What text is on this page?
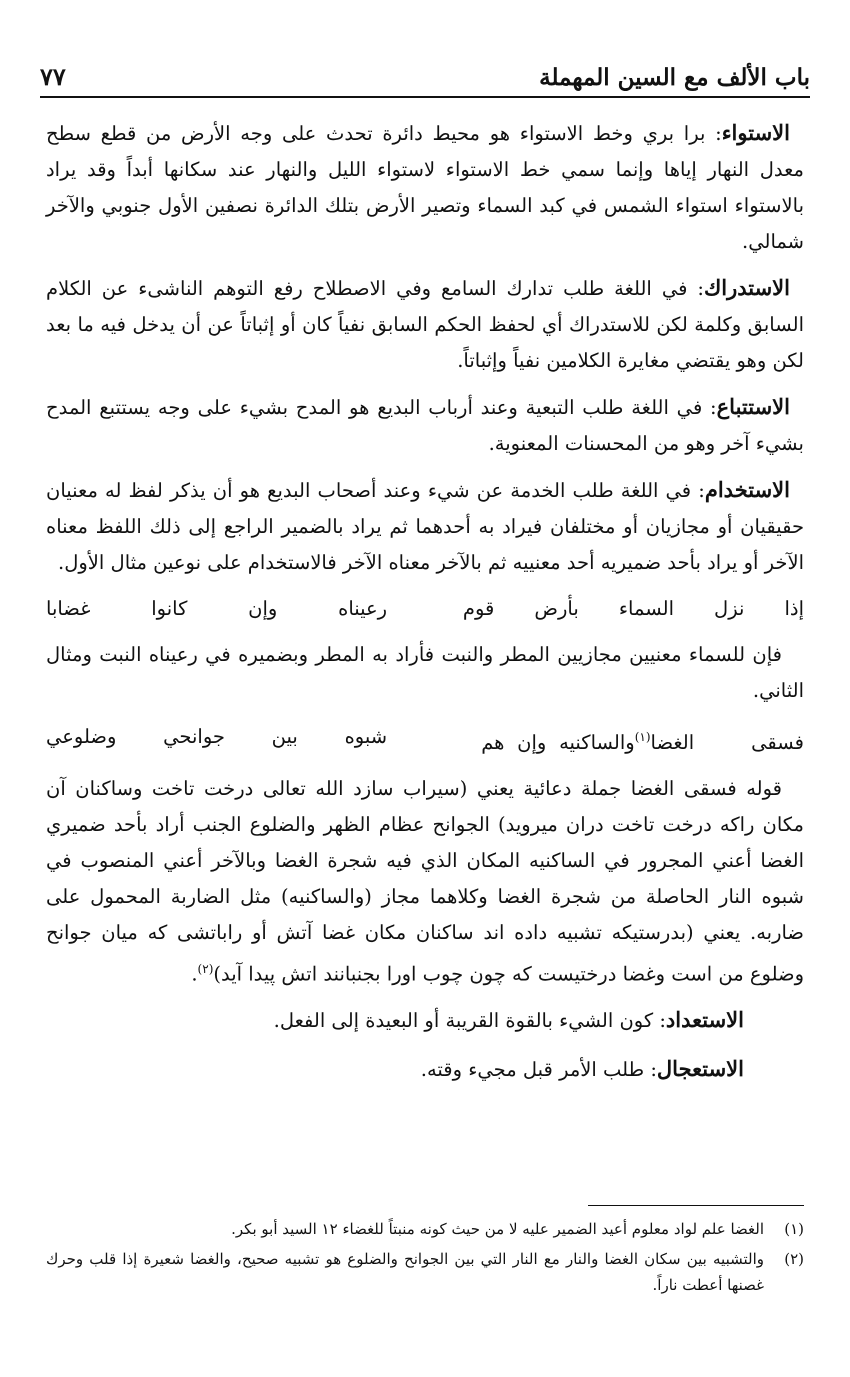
باب الألف مع السين المهملة
٧٧

الاستواء: برا بري وخط الاستواء هو محيط دائرة تحدث على وجه الأرض من قطع سطح معدل النهار إياها وإنما سمي خط الاستواء لاستواء الليل والنهار عند سكانها أبداً وقد يراد بالاستواء استواء الشمس في كبد السماء وتصير الأرض بتلك الدائرة نصفين الأول جنوبي والآخر شمالي.

الاستدراك: في اللغة طلب تدارك السامع وفي الاصطلاح رفع التوهم الناشىء عن الكلام السابق وكلمة لكن للاستدراك أي لحفظ الحكم السابق نفياً كان أو إثباتاً عن أن يدخل فيه ما بعد لكن وهو يقتضي مغايرة الكلامين نفياً وإثباتاً.

الاستتباع: في اللغة طلب التبعية وعند أرباب البديع هو المدح بشيء على وجه يستتبع المدح بشيء آخر وهو من المحسنات المعنوية.

الاستخدام: في اللغة طلب الخدمة عن شيء وعند أصحاب البديع هو أن يذكر لفظ له معنيان حقيقيان أو مجازيان أو مختلفان فيراد به أحدهما ثم يراد بالضمير الراجع إلى ذلك اللفظ معناه الآخر أو يراد بأحد ضميريه أحد معنييه ثم بالآخر معناه الآخر فالاستخدام على نوعين مثال الأول.

إذا نزل السماء بأرض قوم
رعيناه وإن كانوا غضابا

فإن للسماء معنيين مجازيين المطر والنبت فأراد به المطر وبضميره في رعيناه النبت ومثال الثاني.

فسقى الغضا$^{(١)}$والساكنيه وإن هم
شبوه بين جوانحي وضلوعي

قوله فسقى الغضا جملة دعائية يعني (سيراب سازد الله تعالى درخت تاخت وساكنان آن مكان راكه درخت تاخت دران ميرويد) الجوانح عظام الظهر والضلوع الجنب أراد بأحد ضميري الغضا أعني المجرور في الساكنيه المكان الذي فيه شجرة الغضا وبالآخر أعني المنصوب في شبوه النار الحاصلة من شجرة الغضا وكلاهما مجاز (والساكنيه) مثل الضاربة المحمول على ضاربه. يعني (بدرستيكه تشبيه داده اند ساكنان مكان غضا آتش أو راباتشى كه ميان جوانح وضلوع من است وغضا درختيست كه چون چوب اورا بجنبانند اتش پيدا آيد)$^{(٢)}$.

الاستعداد: كون الشيء بالقوة القريبة أو البعيدة إلى الفعل.

الاستعجال: طلب الأمر قبل مجيء وقته.

(١)
الغضا علم لواد معلوم أعيد الضمير عليه لا من حيث كونه منبتاً للغضاء ١٢ السيد أبو بكر.
(٢)
والتشبيه بين سكان الغضا والنار مع النار التي بين الجوانح والضلوع هو تشبيه صحيح، والغضا شعيرة إذا قلب وحرك غصنها أعطت ناراً.
